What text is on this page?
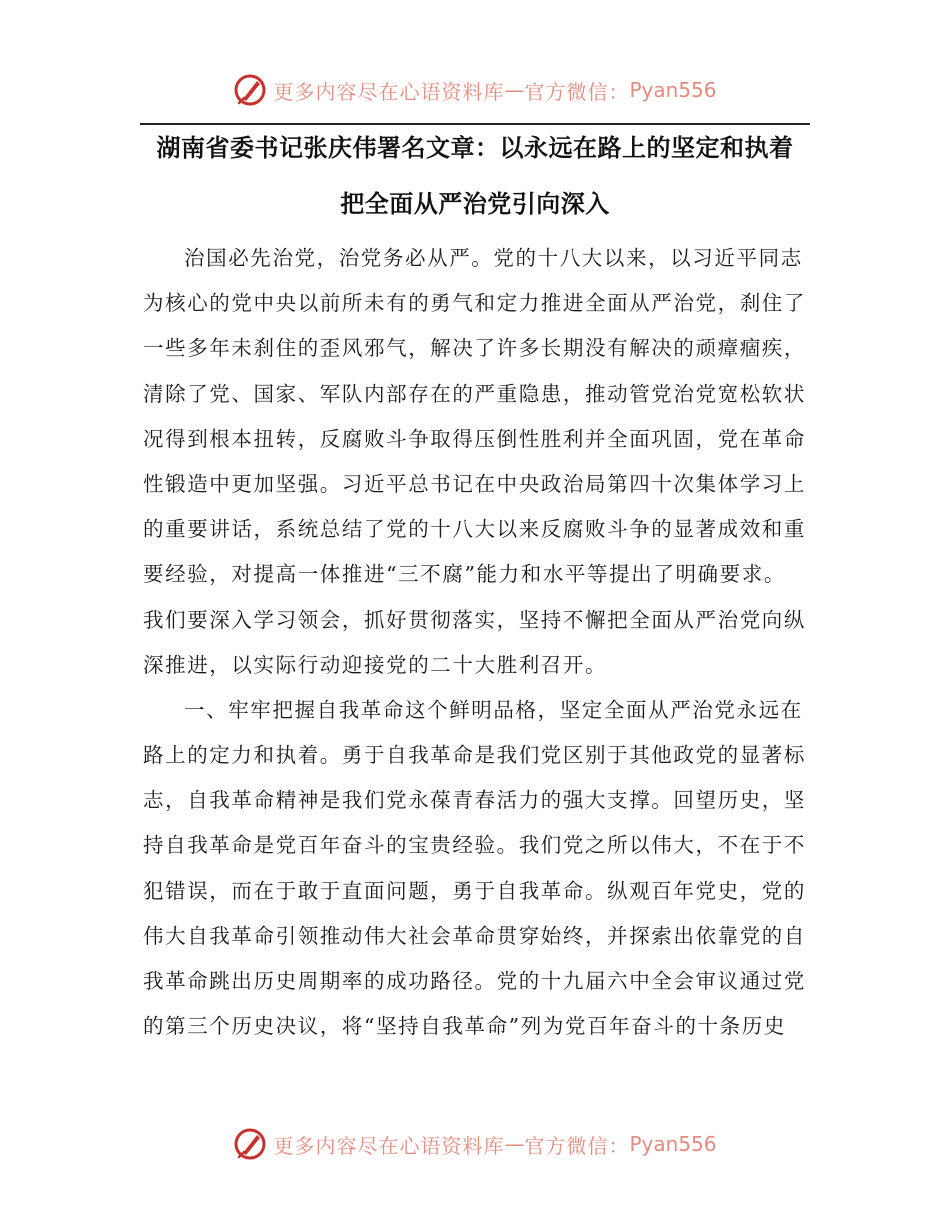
更多内容尽在心语资料库 — 官方微信： Pyan556
湖南省委书记张庆伟署名文章：以永远在路上的坚定和执着
把全面从严治党引向深入
治国必先治党，治党务必从严。党的十八大以来，以习近平同志
为核心的党中央以前所未有的勇气和定力推进全面从严治党，刹住了
一些多年未刹住的歪风邪气，解决了许多长期没有解决的顽瘴痼疾，
清除了党、国家、军队内部存在的严重隐患，推动管党治党宽松软状
况得到根本扭转，反腐败斗争取得压倒性胜利并全面巩固，党在革命
性锻造中更加坚强。习近平总书记在中央政治局第四十次集体学习上
的重要讲话，系统总结了党的十八大以来反腐败斗争的显著成效和重
要经验，对提高一体推进“三不腐”能力和水平等提出了明确要求。
我们要深入学习领会，抓好贯彻落实，坚持不懈把全面从严治党向纵
深推进，以实际行动迎接党的二十大胜利召开。
一、牢牢把握自我革命这个鲜明品格，坚定全面从严治党永远在
路上的定力和执着。勇于自我革命是我们党区别于其他政党的显著标
志，自我革命精神是我们党永葆青春活力的强大支撑。回望历史，坚
持自我革命是党百年奋斗的宝贵经验。我们党之所以伟大，不在于不
犯错误，而在于敢于直面问题，勇于自我革命。纵观百年党史，党的
伟大自我革命引领推动伟大社会革命贯穿始终，并探索出依靠党的自
我革命跳出历史周期率的成功路径。党的十九届六中全会审议通过党
的第三个历史决议，将“坚持自我革命”列为党百年奋斗的十条历史
更多内容尽在心语资料库 — 官方微信： Pyan556
